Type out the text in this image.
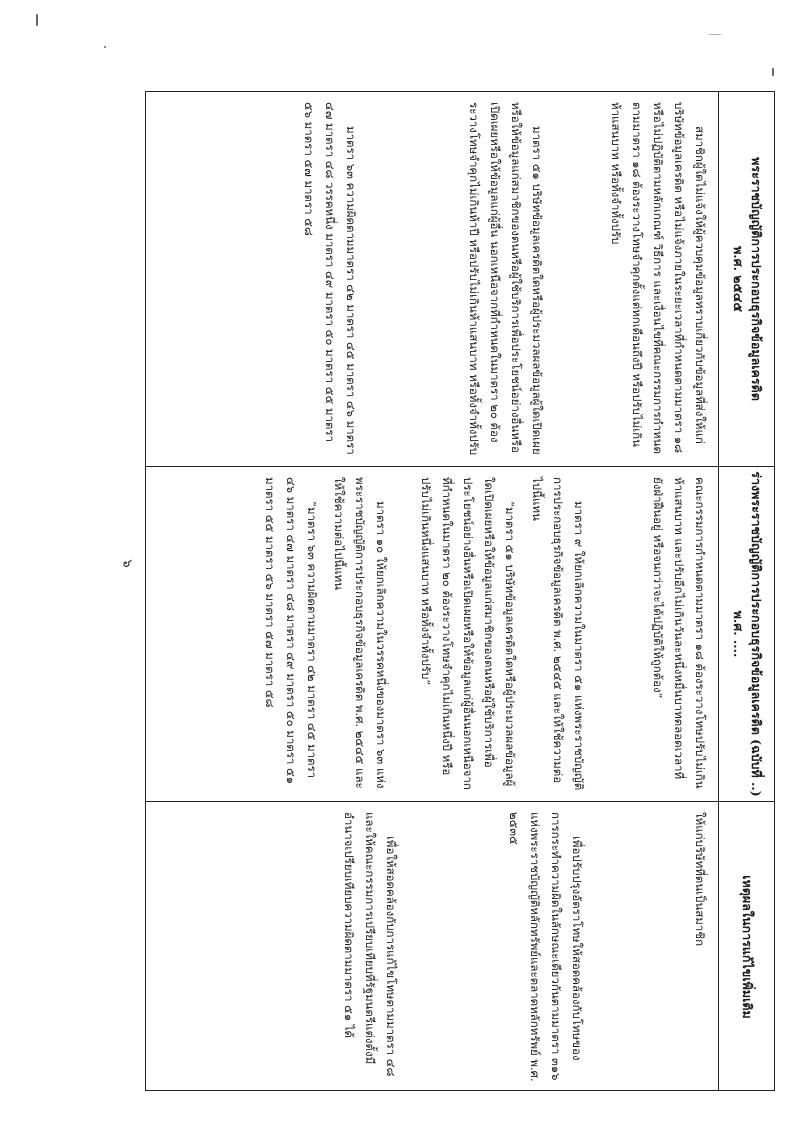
๖
พระราชบัญญัติการประกอบธุรกิจข้อมูลเครดิต
พ.ศ. ๒๕๔๕

สมาชิกผู้ใดไม่แจ้งให้ผู้ควบคุมข้อมูลทราบเกี่ยวกับข้อมูลที่ส่งให้แก่บริษัทข้อมูลเครดิต หรือไม่แจ้งภายในระยะเวลาที่กำหนดตามมาตรา ๑๘ หรือไม่ปฏิบัติตามหลักเกณฑ์ วิธีการ และเงื่อนไขที่คณะกรรมการกำหนดตามมาตรา ๑๘ ต้องระวางโทษจำคุกตั้งแต่หกเดือนถึงปี หรือปรับไม่เกินห้าแสนบาท หรือทั้งจำทั้งปรับ

มาตรา ๕๑ บริษัทข้อมูลเครดิตใดหรือผู้ประมวลผลข้อมูลผู้ใดเปิดเผยหรือให้ข้อมูลแก่สมาชิกของตนหรือผู้ใช้บริการเพื่อประโยชน์อย่างอื่นหรือเปิดเผยหรือให้ข้อมูลแก่ผู้อื่น นอกเหนือจากที่กำหนดในมาตรา ๒๐ ต้องระวางโทษจำคุกไม่เกินห้าปี หรือปรับไม่เกินห้าแสนบาท หรือทั้งจำทั้งปรับ

มาตรา ๖๓ ความผิดตามมาตรา ๔๒ มาตรา ๔๕ มาตรา ๔๖ มาตรา ๔๗ มาตรา ๔๘ วรรคหนึ่ง มาตรา ๔๙ มาตรา ๕๐ มาตรา ๕๕ มาตรา ๕๖ มาตรา ๕๗ มาตรา ๕๘

ร่างพระราชบัญญัติการประกอบธุรกิจข้อมูลเครดิต (ฉบับที่ ..)
พ.ศ. ....

คณะกรรมการกำหนดตามมาตรา ๑๘ ต้องระวางโทษปรับไม่เกินห้าแสนบาท และปรับอีกไม่เกินวันละหนึ่งหมื่นบาทตลอดเวลาที่ยังฝ่าฝืนอยู่ หรือจนกว่าจะได้ปฏิบัติให้ถูกต้อง”

มาตรา ๙ ให้ยกเลิกความในมาตรา ๕๑ แห่งพระราชบัญญัติการประกอบธุรกิจข้อมูลเครดิต พ.ศ. ๒๕๔๕ และให้ใช้ความต่อไปนี้แทน

“มาตรา ๕๑ บริษัทข้อมูลเครดิตใดหรือผู้ประมวลผลข้อมูลผู้ใดเปิดเผยหรือให้ข้อมูลแก่สมาชิกของตนหรือผู้ใช้บริการเพื่อประโยชน์อย่างอื่นหรือเปิดเผยหรือให้ข้อมูลแก่ผู้อื่นนอกเหนือจากที่กำหนดในมาตรา ๒๐ ต้องระวางโทษจำคุกไม่เกินหนึ่งปี หรือปรับไม่เกินหนึ่งแสนบาท หรือทั้งจำทั้งปรับ”

มาตรา ๑๐ ให้ยกเลิกความในวรรคหนึ่งของมาตรา ๖๓ แห่งพระราชบัญญัติการประกอบธุรกิจข้อมูลเครดิต พ.ศ. ๒๕๔๕ และให้ใช้ความต่อไปนี้แทน

“มาตรา ๖๓ ความผิดตามมาตรา ๔๒ มาตรา ๔๕ มาตรา ๔๖ มาตรา ๔๗ มาตรา ๔๘ มาตรา ๔๙ มาตรา ๕๐ มาตรา ๕๑ มาตรา ๕๕ มาตรา ๕๖ มาตรา ๕๗ มาตรา ๕๘

เหตุผลในการแก้ไขเพิ่มเติม

ให้แก่บริษัทที่ตนเป็นสมาชิก

เพื่อปรับปรุงอัตราโทษให้สอดคล้องกับโทษของการกระทำความผิดในลักษณะเดียวกันตามมาตรา ๓๑๖ แห่งพระราชบัญญัติหลักทรัพย์และตลาดหลักทรัพย์ พ.ศ. ๒๕๓๕

เพื่อให้สอดคล้องกับการแก้ไขโทษตามมาตรา ๔๘ และให้คณะกรรมการเปรียบเทียบที่รัฐมนตรีแต่งตั้งมีอำนาจเปรียบเทียบความผิดตามมาตรา ๕๑ ได้
